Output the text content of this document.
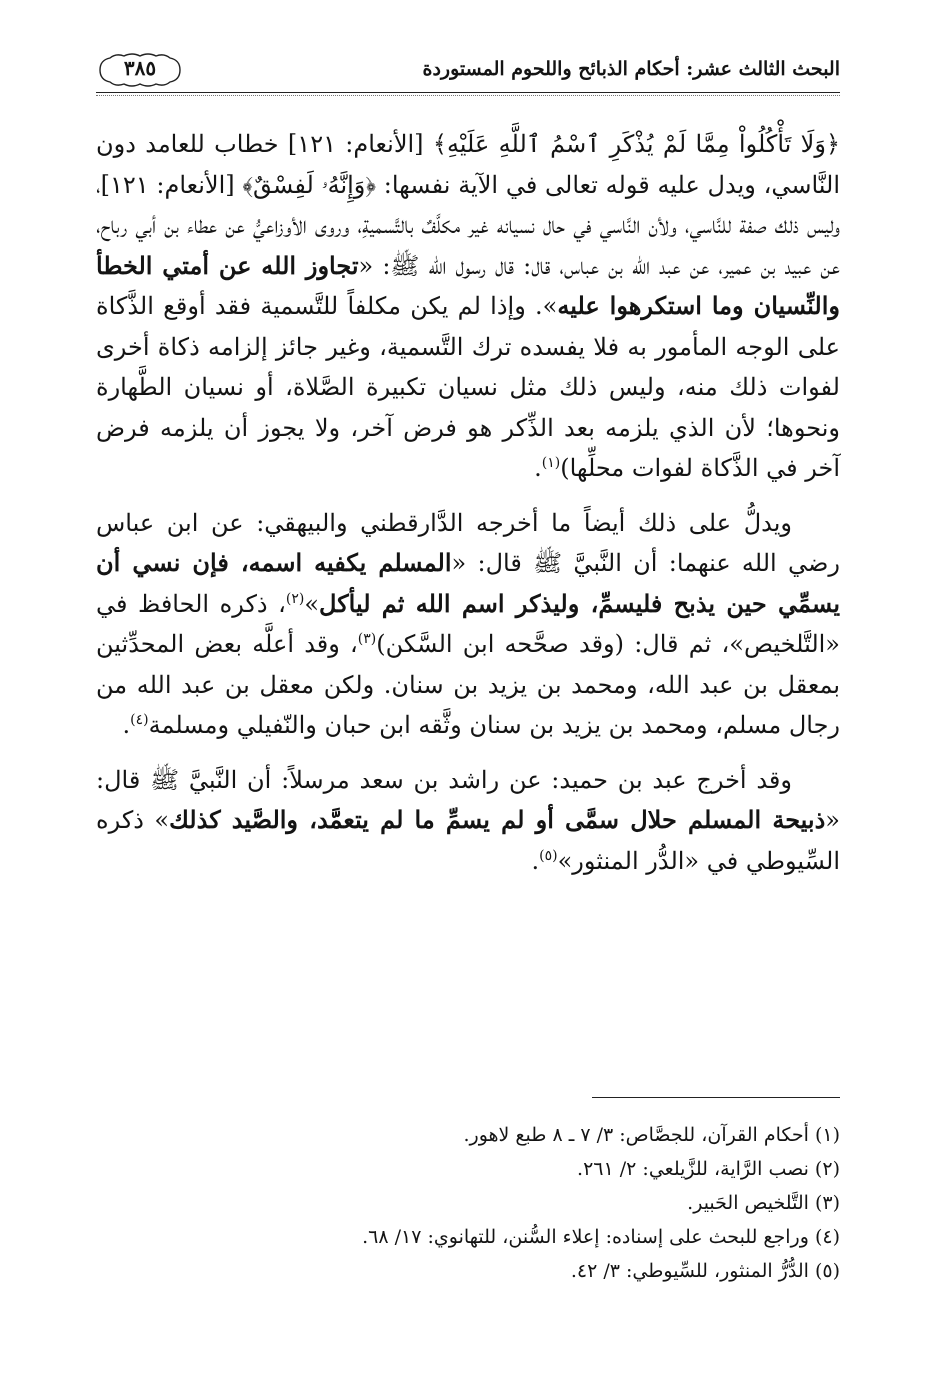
البحث الثالث عشر: أحكام الذبائح واللحوم المستوردة
٣٨٥

﴿وَلَا تَأْكُلُواْ مِمَّا لَمْ يُذْكَرِ ٱسْمُ ٱللَّهِ عَلَيْهِ﴾ [الأنعام: ١٢١] خطاب للعامد دون النَّاسي، ويدل عليه قوله تعالى في الآية نفسها: ﴿وَإِنَّهُۥ لَفِسْقٌ﴾ [الأنعام: ١٢١]، وليس ذلك صفة للنَّاسي، ولأن النَّاسي في حال نسيانه غير مكلَّفٌ بالتَّسميةِ، وروى الأوزاعيُّ عن عطاء بن أبي رباح، عن عبيد بن عمير، عن عبد الله بن عباس، قال: قال رسول الله ﷺ: «تجاوز الله عن أمتي الخطأ والنِّسيان وما استكرهوا عليه». وإذا لم يكن مكلفاً للتَّسمية فقد أوقع الذَّكاة على الوجه المأمور به فلا يفسده ترك التَّسمية، وغير جائز إلزامه ذكاة أخرى لفوات ذلك منه، وليس ذلك مثل نسيان تكبيرة الصَّلاة، أو نسيان الطَّهارة ونحوها؛ لأن الذي يلزمه بعد الذِّكر هو فرض آخر، ولا يجوز أن يلزمه فرض آخر في الذَّكاة لفوات محلِّها)$^{(١)}$.

ويدلُّ على ذلك أيضاً ما أخرجه الدَّارقطني والبيهقي: عن ابن عباس رضي الله عنهما: أن النَّبيَّ ﷺ قال: «المسلم يكفيه اسمه، فإن نسي أن يسمِّي حين يذبح فليسمِّ، وليذكر اسم الله ثم ليأكل»$^{(٢)}$، ذكره الحافظ في «التَّلخيص»، ثم قال: (وقد صحَّحه ابن السَّكن)$^{(٣)}$، وقد أعلَّه بعض المحدِّثين بمعقل بن عبد الله، ومحمد بن يزيد بن سنان. ولكن معقل بن عبد الله من رجال مسلم، ومحمد بن يزيد بن سنان وثَّقه ابن حبان والنّفيلي ومسلمة$^{(٤)}$.

وقد أخرج عبد بن حميد: عن راشد بن سعد مرسلاً: أن النَّبيَّ ﷺ قال: «ذبيحة المسلم حلال سمَّى أو لم يسمِّ ما لم يتعمَّد، والصَّيد كذلك» ذكره السِّيوطي في «الدُّر المنثور»$^{(٥)}$.

(١) أحكام القرآن، للجصَّاص: ٣/ ٧ ـ ٨ طبع لاهور.
(٢) نصب الرَّاية، للزَّيلعي: ٢/ ٢٦١.
(٣) التَّلخيص الحَبير.
(٤) وراجع للبحث على إسناده: إعلاء السُّنن، للتهانوي: ١٧/ ٦٨.
(٥) الدُّرُّ المنثور، للسِّيوطي: ٣/ ٤٢.
